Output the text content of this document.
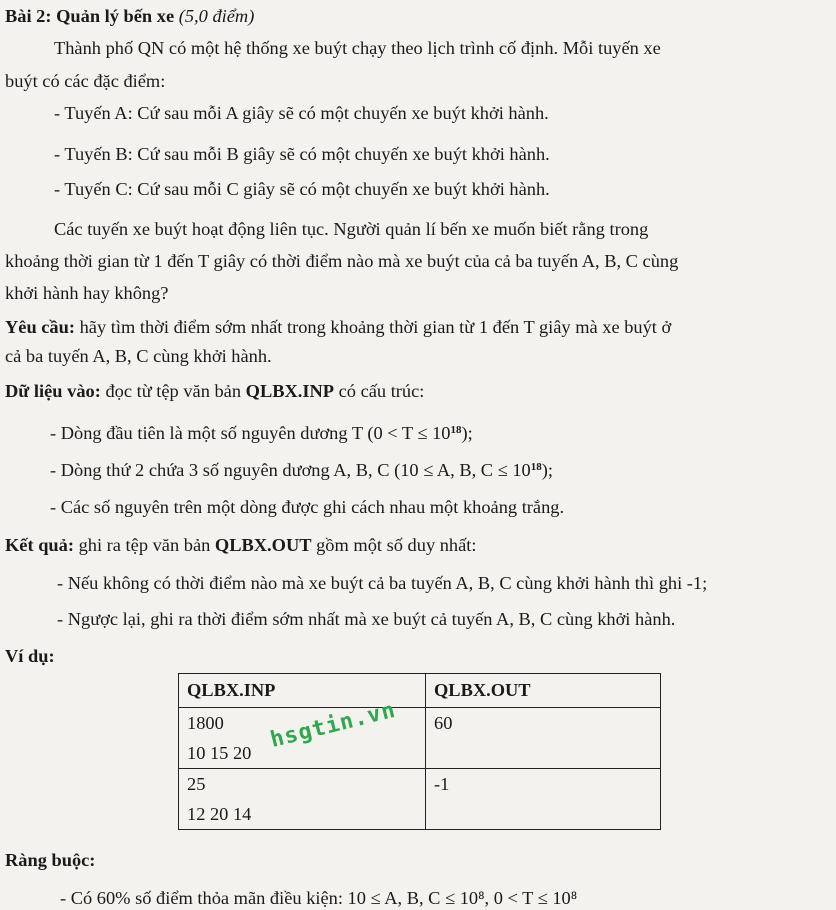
Bài 2: Quản lý bến xe (5,0 điểm)
Thành phố QN có một hệ thống xe buýt chạy theo lịch trình cố định. Mỗi tuyến xe
buýt có các đặc điểm:
- Tuyến A: Cứ sau mỗi A giây sẽ có một chuyến xe buýt khởi hành.
- Tuyến B: Cứ sau mỗi B giây sẽ có một chuyến xe buýt khởi hành.
- Tuyến C: Cứ sau mỗi C giây sẽ có một chuyến xe buýt khởi hành.
Các tuyến xe buýt hoạt động liên tục. Người quản lí bến xe muốn biết rằng trong
khoảng thời gian từ 1 đến T giây có thời điểm nào mà xe buýt của cả ba tuyến A, B, C cùng
khởi hành hay không?
Yêu cầu: hãy tìm thời điểm sớm nhất trong khoảng thời gian từ 1 đến T giây mà xe buýt ở
cả ba tuyến A, B, C cùng khởi hành.
Dữ liệu vào: đọc từ tệp văn bản QLBX.INP có cấu trúc:
- Dòng đầu tiên là một số nguyên dương T $(0 < T \le 10^{18})$;
- Dòng thứ 2 chứa 3 số nguyên dương A, B, C (10 ≤ A, B, $C \le 10^{18}$);
- Các số nguyên trên một dòng được ghi cách nhau một khoảng trắng.
Kết quả: ghi ra tệp văn bản QLBX.OUT gồm một số duy nhất:
- Nếu không có thời điểm nào mà xe buýt cả ba tuyến A, B, C cùng khởi hành thì ghi -1;
- Ngược lại, ghi ra thời điểm sớm nhất mà xe buýt cả tuyến A, B, C cùng khởi hành.
Ví dụ:
QLBX.INP	QLBX.OUT

1800
10 15 20	60

25
12 20 14	-1
hsgtin.vn
Ràng buộc:
- Có 60% số điểm thỏa mãn điều kiện: 10 ≤ A, B, C ≤ 10⁸, 0 < T ≤ 10⁸
